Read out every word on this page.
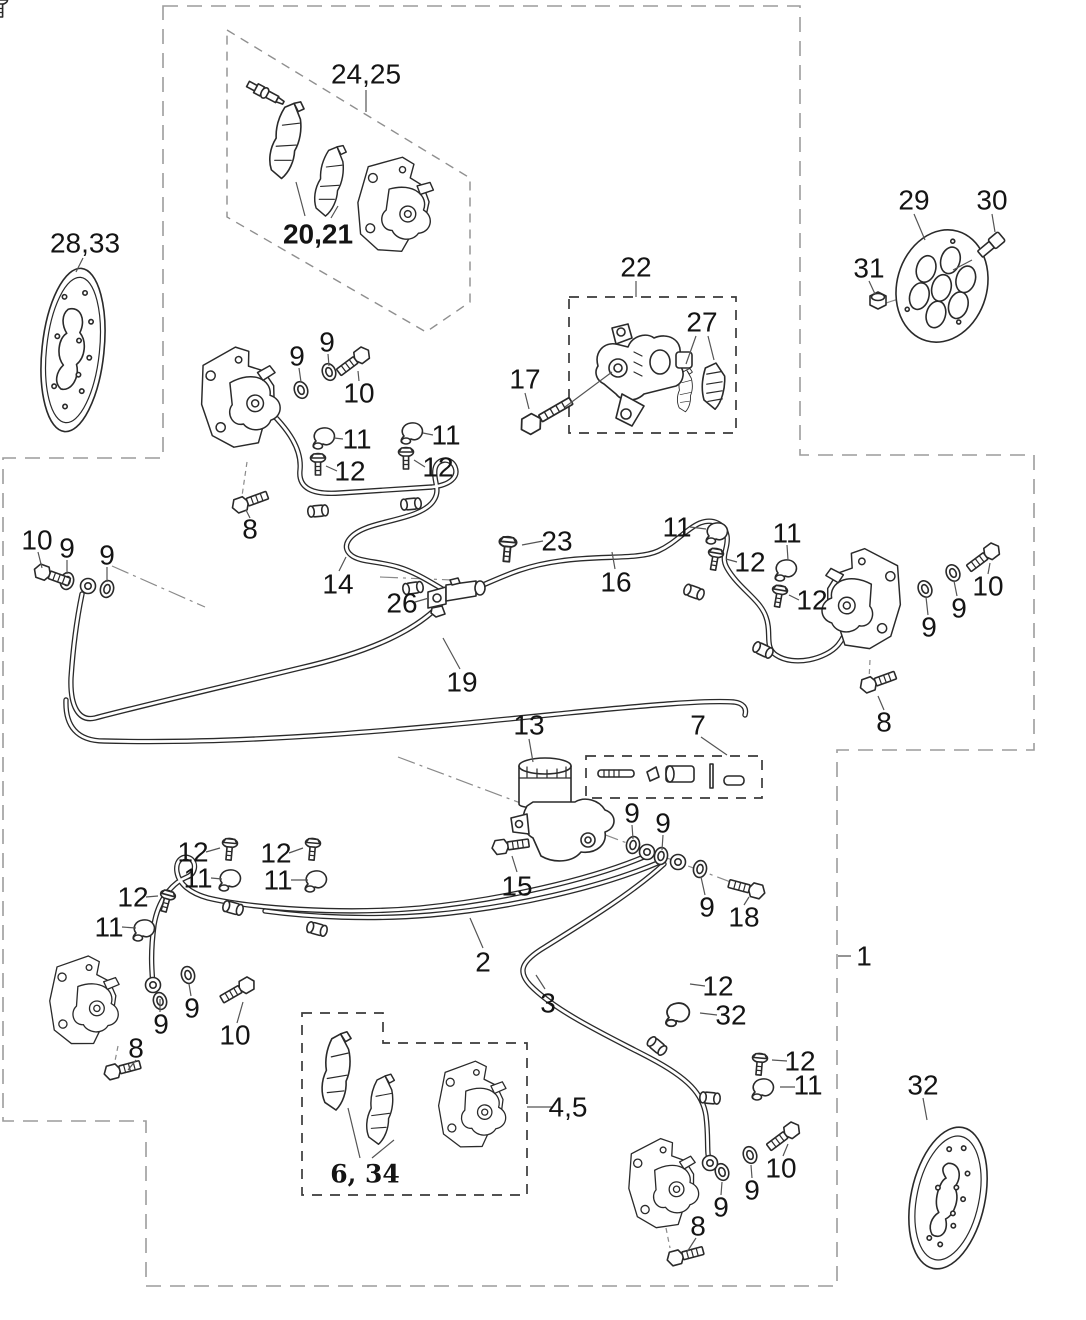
24,25
20,21
28,33
22
27
17
29 30
31
9 9
10
11 11
12 12
8
14
26
23
16
19
10 9 9
11
12
11
12
9
9
10
8
1
13	7
15
9 9
9 18
2
3
12
11
12
11
12
11
9
9 10
8
12
32
12
11
10
9
9
8
32
4,5
6, 34
